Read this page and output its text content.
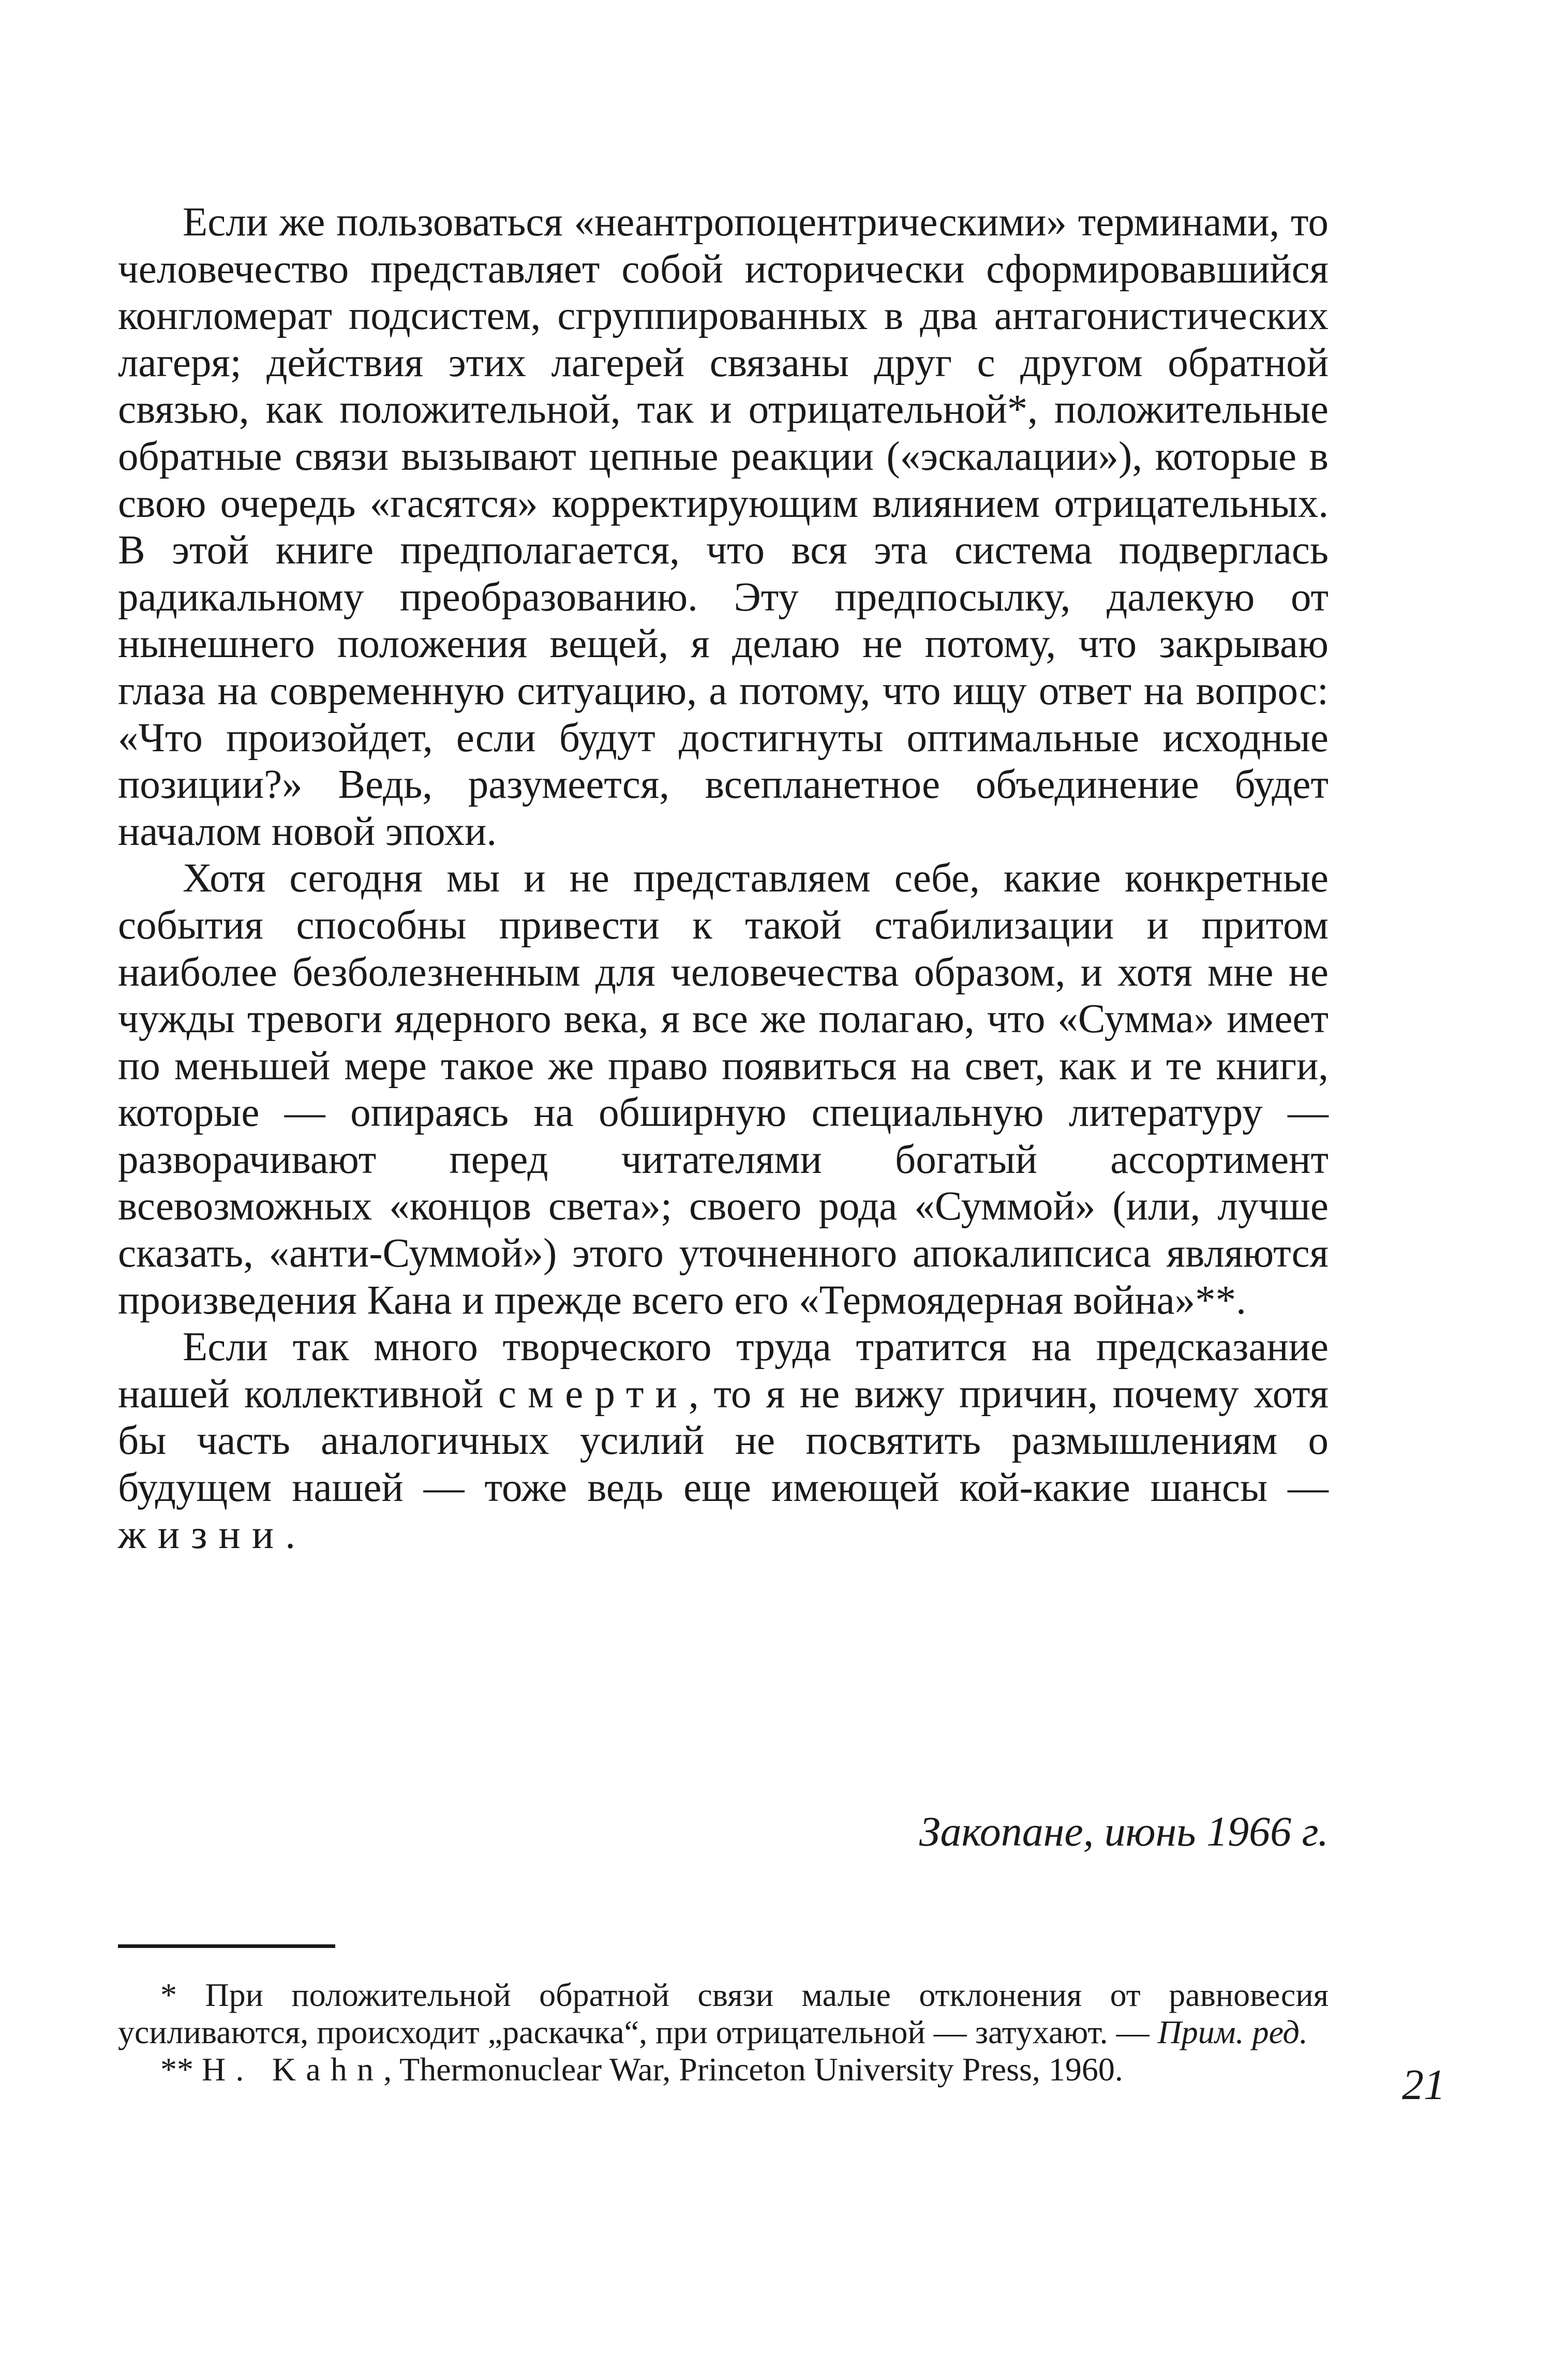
Если же пользоваться «неантропоцентрическими» терминами, то человечество представляет собой исторически сформировавшийся конгломерат подсистем, сгруппированных в два антагонистических лагеря; действия этих лагерей связаны друг с другом обратной связью, как положительной, так и отрицательной*, положительные обратные связи вызывают цепные реакции («эскалации»), которые в свою очередь «гасятся» корректирующим влиянием отрицательных. В этой книге предполагается, что вся эта система подверглась радикальному преобразованию. Эту предпосылку, далекую от нынешнего положения вещей, я делаю не потому, что закрываю глаза на современную ситуацию, а потому, что ищу ответ на вопрос: «Что произойдет, если будут достигнуты оптимальные исходные позиции?» Ведь, разумеется, всепланетное объединение будет началом новой эпохи.

Хотя сегодня мы и не представляем себе, какие конкретные события способны привести к такой стабилизации и притом наиболее безболезненным для человечества образом, и хотя мне не чужды тревоги ядерного века, я все же полагаю, что «Сумма» имеет по меньшей мере такое же право появиться на свет, как и те книги, которые — опираясь на обширную специальную литературу — разворачивают перед читателями богатый ассортимент всевозможных «концов света»; своего рода «Суммой» (или, лучше сказать, «анти-Суммой») этого уточненного апокалипсиса являются произведения Кана и прежде всего его «Термоядерная война»**.

Если так много творческого труда тратится на предсказание нашей коллективной смерти, то я не вижу причин, почему хотя бы часть аналогичных усилий не посвятить размышлениям о будущем нашей — тоже ведь еще имеющей кой-какие шансы — жизни.

Закопане, июнь 1966 г.

* При положительной обратной связи малые отклонения от равновесия усиливаются, происходит „раскачка“, при отрицательной — затухают. — Прим. ред.

** H. Kahn, Thermonuclear War, Princeton University Press, 1960.	21
